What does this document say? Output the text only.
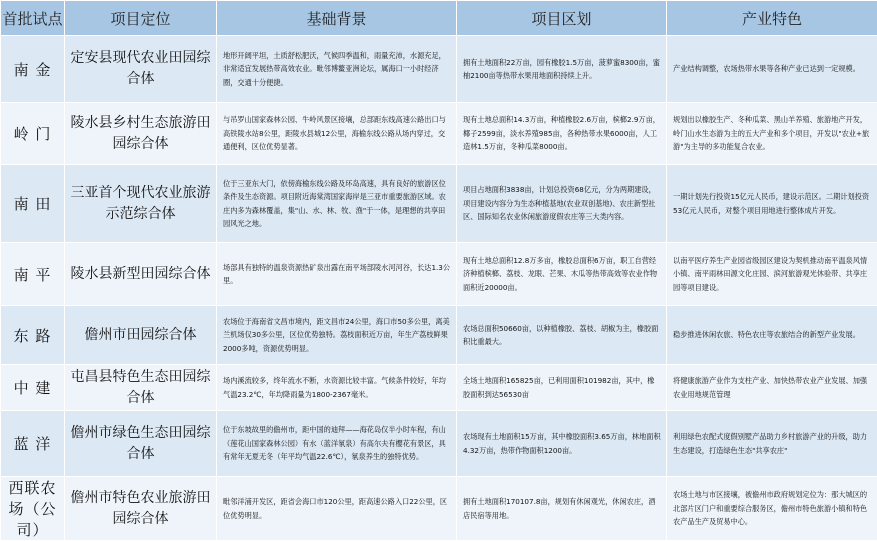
首批试点	项目定位	基础背景	项目区划	产业特色
南 金	定安县现代农业田园综合体	地形开阔平坦，土质舒松肥沃，气候四季温和，雨量充沛，水源充足，非常适宜发展热带高效农业。毗邻博鳌亚洲论坛，属海口一小时经济圈，交通十分便捷。	拥有土地面积22万亩，园有橡胶1.5万亩，菠萝蜜8300亩，蜜柚2100亩等热带水果用地面积持续上升。	产业结构调整，农场热带水果等各种产业已达到一定规模。
岭 门	陵水县乡村生态旅游田园综合体	与吊罗山国家森林公园、牛岭风景区接壤，总部距东线高速公路出口与高铁陵水站8公里，距陵水县城12公里，海榆东线公路从场内穿过，交通便利，区位优势显著。	现有土地总面积14.3万亩，种植橡胶2.6万亩，槟榔2.9万亩，椰子2599亩，淡水养殖985亩，各种热带水果6000亩，人工造林1.5万亩，冬种瓜菜8000亩。	规划出以橡胶生产、冬种瓜菜、黑山羊养殖、旅游地产开发，岭门山水生态游为主的五大产业和多个项目，开发以"农业+旅游"为主导的多功能复合农业。
南 田	三亚首个现代农业旅游示范综合体	位于三亚东大门，依傍海榆东线公路及环岛高速，具有良好的旅游区位条件及生态资源。项目附近海棠湾国家海岸是三亚市重要旅游区域。农庄内多为森林覆盖，集"山、水、林、牧、渔"于一体，是理想的共享田园风光之地。	项目占地面积3838亩，计划总投资68亿元，分为两期建设，项目建设内容分为生态种植基地(农业双创基地)、农庄新型社区、国际知名农业休闲旅游度假农庄等三大类内容。	一期计划先行投资15亿元人民币，建设示范区。二期计划投资53亿元人民币，对整个项目用地进行整体成片开发。
南 平	陵水县新型田园综合体	场部具有独特的温泉资源热矿泉出露在南平场部陵水河河谷，长达1.3公里。	现有土地总面积12.8万多亩，橡胶总面积6万亩，职工自营经济种植槟榔、荔枝、龙眼、芒果、木瓜等热带高效等农业作物面积近20000亩。	以南平医疗养生产业园省级园区建设为契机推动南平温泉风情小镇、南平雨林田源文化庄园、滨河旅游观光休验带、共享庄园等项目建设。
东 路	儋州市田园综合体	农场位于海南省文昌市境内，距文昌市24公里，海口市50多公里，离美兰机场仅30多公里，区位优势独特。荔枝面积近万亩，年生产荔枝鲜果2000多吨，资源优势明显。	农场总面积50660亩，以种植橡胶、荔枝、胡椒为主，橡胶面积比重最大。	稳步推进休闲农旅、特色农庄等农旅结合的新型产业发展。
中 建	屯昌县特色生态田园综合体	场内溪流较多，终年流水不断，水资源比较丰富。气候条件较好，年均气温23.2℃，年均降雨量为1800-2367毫米。	全场土地面积165825亩，已利用面积101982亩，其中，橡胶面积到达56530亩	将健康旅游产业作为支柱产业、加快热带农业产业发展、加强农业用地规范管理
蓝 洋	儋州市绿色生态田园综合体	位于东坡故里的儋州市，距中国的迪拜——海花岛仅半小时车程，有山（莲花山国家森林公园）有水（蓝洋氡泉）有高尔夫有樱花有景区，具有常年无夏无冬（年平均气温22.6℃），氡泉养生的独特优势。	农场现有土地面积15万亩，其中橡胶面积3.65万亩，林地面积4.32万亩，热带作物面积1200亩。	利用绿色农配式度假别墅产品助力乡村旅游产业的升级，助力生态建设，打造绿色生态"共享农庄"
西联农场（公司）	儋州市特色农业旅游田园综合体	毗邻洋浦开发区，距省会海口市120公里，距高速公路入口22公里，区位优势明显。	拥有土地面积170107.8亩，规划有休闲观光，休闲农庄，酒店民宿等用地。	农场土地与市区接壤，被儋州市政府规划定位为：那大城区的北部片区门户和重要综合服务区，儋州市特色旅游小镇和特色农产品生产及贸易中心。
